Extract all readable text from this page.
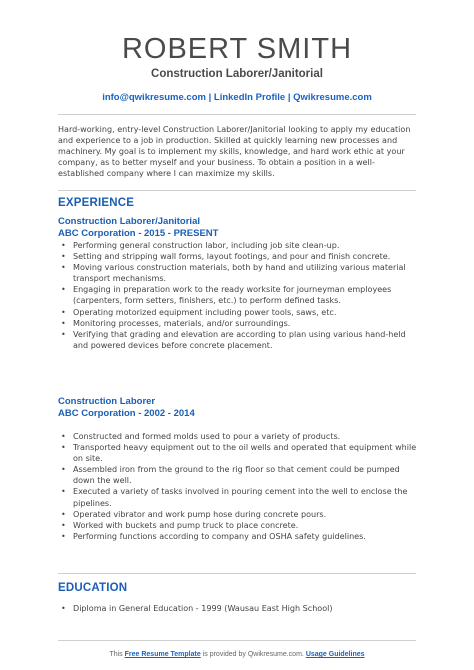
ROBERT SMITH
Construction Laborer/Janitorial
info@qwikresume.com | LinkedIn Profile | Qwikresume.com
Hard-working, entry-level Construction Laborer/Janitorial looking to apply my education and experience to a job in production. Skilled at quickly learning new processes and machinery. My goal is to implement my skills, knowledge, and hard work ethic at your company, as to better myself and your business. To obtain a position in a well-established company where I can maximize my skills.
EXPERIENCE
Construction Laborer/Janitorial
ABC Corporation - 2015 - PRESENT
• Performing general construction labor, including job site clean-up.
• Setting and stripping wall forms, layout footings, and pour and finish concrete.
• Moving various construction materials, both by hand and utilizing various material transport mechanisms.
• Engaging in preparation work to the ready worksite for journeyman employees (carpenters, form setters, finishers, etc.) to perform defined tasks.
• Operating motorized equipment including power tools, saws, etc.
• Monitoring processes, materials, and/or surroundings.
• Verifying that grading and elevation are according to plan using various hand-held and powered devices before concrete placement.
Construction Laborer
ABC Corporation - 2002 - 2014
• Constructed and formed molds used to pour a variety of products.
• Transported heavy equipment out to the oil wells and operated that equipment while on site.
• Assembled iron from the ground to the rig floor so that cement could be pumped down the well.
• Executed a variety of tasks involved in pouring cement into the well to enclose the pipelines.
• Operated vibrator and work pump hose during concrete pours.
• Worked with buckets and pump truck to place concrete.
• Performing functions according to company and OSHA safety guidelines.
EDUCATION
• Diploma in General Education - 1999 (Wausau East High School)
This Free Resume Template is provided by Qwikresume.com. Usage Guidelines
